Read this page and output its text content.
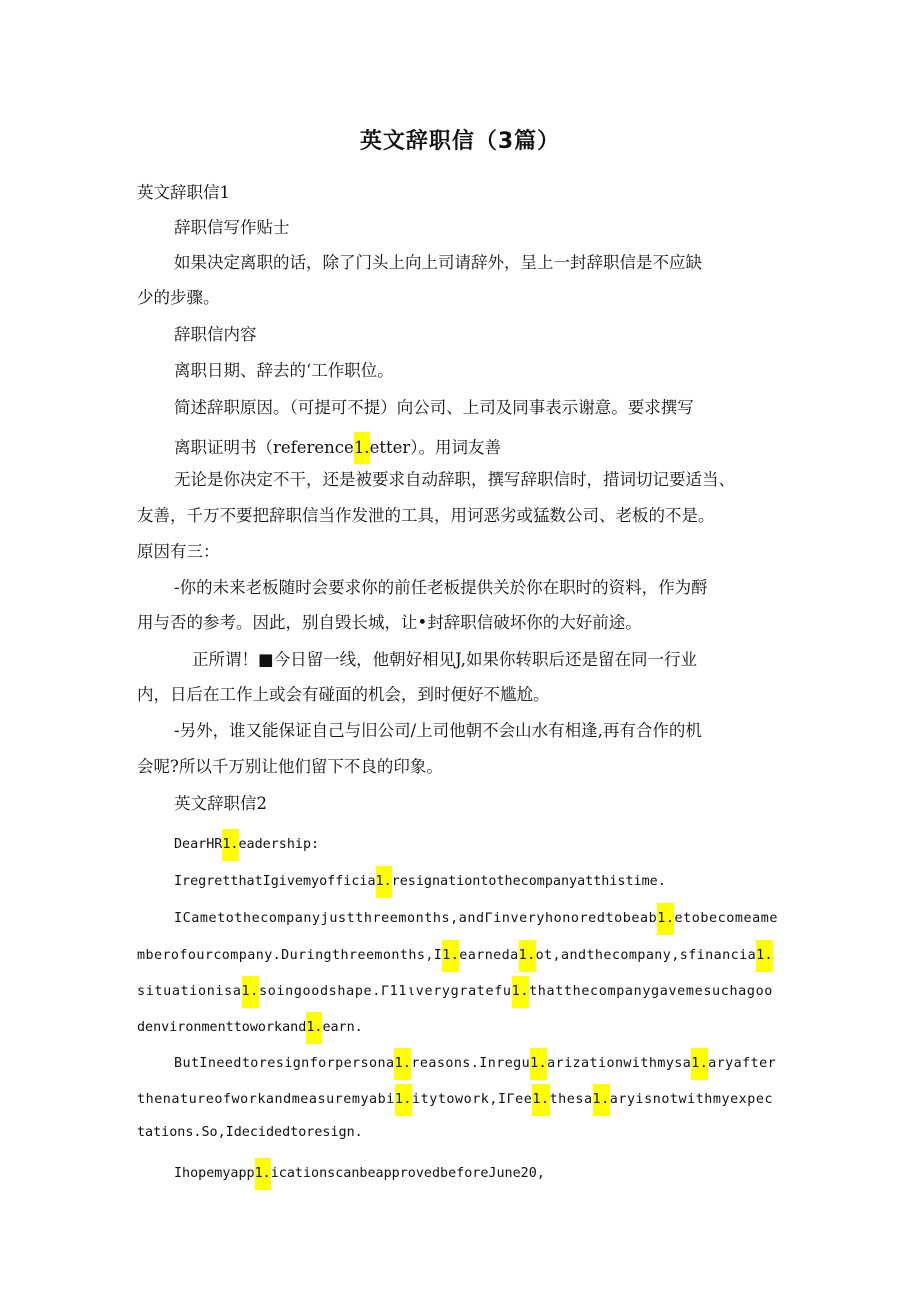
英文辞职信（3篇）
英文辞职信1
辞职信写作贴士
如果决定离职的话，除了门头上向上司请辞外，呈上一封辞职信是不应缺
少的步骤。
辞职信内容
离职日期、辞去的‘工作职位。
简述辞职原因。（可提可不提）向公司、上司及同事表示谢意。要求撰写
离职证明书（reference1.etter）。用词友善
无论是你决定不干，还是被要求自动辞职，撰写辞职信时，措词切记要适当、
友善，千万不要把辞职信当作发泄的工具，用诃恶劣或猛数公司、老板的不是。
原因有三：
-你的未来老板随时会要求你的前任老板提供关於你在职时的资料，作为酹
用与否的参考。因此，别自毁长城，让•封辞职信破坏你的大好前途。
正所谓！■今日留一线，他朝好相见J,如果你转职后还是留在同一行业
内，日后在工作上或会有碰面的机会，到时便好不尴尬。
-另外，谁又能保证自己与旧公司/上司他朝不会山水有相逢,再有合作的机
会呢?所以千万别让他们留下不良的印象。
英文辞职信2
DearHR1.eadership:
IregretthatIgivemyofficia1.resignationtothecompanyatthistime.
ICametothecompanyjustthreemonths,andΓinveryhonoredtobeab1.etobecomeame
mberofourcompany.Duringthreemonths,I1.earneda1.ot,andthecompany,sfinancia1.
situationisa1.soingoodshape.Γ11ιverygratefu1.thatthecompanygavemesuchagoo
denvironmenttoworkand1.earn.
ButIneedtoresignforpersona1.reasons.Inregu1.arizationwithmysa1.aryafter
thenatureofworkandmeasuremyabi1.itytowork,IΓee1.thesa1.aryisnotwithmyexpec
tations.So,Idecidedtoresign.
Ihopemyapp1.icationscanbeapprovedbeforeJune20,
